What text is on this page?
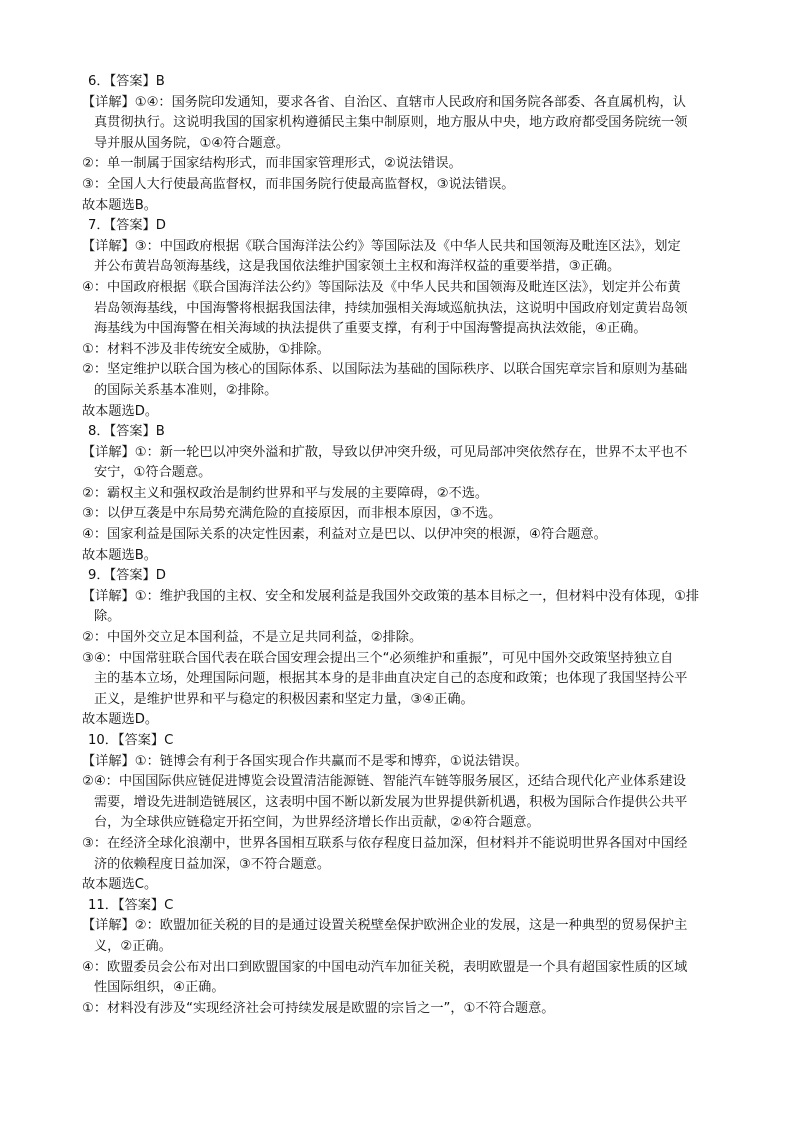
6．【答案】B
【详解】①④：国务院印发通知，要求各省、自治区、直辖市人民政府和国务院各部委、各直属机构，认
真贯彻执行。这说明我国的国家机构遵循民主集中制原则，地方服从中央，地方政府都受国务院统一领
导并服从国务院，①④符合题意。
②：单一制属于国家结构形式，而非国家管理形式，②说法错误。
③：全国人大行使最高监督权，而非国务院行使最高监督权，③说法错误。
故本题选B。
7．【答案】D
【详解】③：中国政府根据《联合国海洋法公约》等国际法及《中华人民共和国领海及毗连区法》，划定
并公布黄岩岛领海基线，这是我国依法维护国家领土主权和海洋权益的重要举措，③正确。
④：中国政府根据《联合国海洋法公约》等国际法及《中华人民共和国领海及毗连区法》，划定并公布黄
岩岛领海基线，中国海警将根据我国法律，持续加强相关海域巡航执法，这说明中国政府划定黄岩岛领
海基线为中国海警在相关海域的执法提供了重要支撑，有利于中国海警提高执法效能，④正确。
①：材料不涉及非传统安全威胁，①排除。
②：坚定维护以联合国为核心的国际体系、以国际法为基础的国际秩序、以联合国宪章宗旨和原则为基础
的国际关系基本准则，②排除。
故本题选D。
8．【答案】B
【详解】①：新一轮巴以冲突外溢和扩散，导致以伊冲突升级，可见局部冲突依然存在，世界不太平也不
安宁，①符合题意。
②：霸权主义和强权政治是制约世界和平与发展的主要障碍，②不选。
③：以伊互袭是中东局势充满危险的直接原因，而非根本原因，③不选。
④：国家利益是国际关系的决定性因素，利益对立是巴以、以伊冲突的根源，④符合题意。
故本题选B。
9．【答案】D
【详解】①：维护我国的主权、安全和发展利益是我国外交政策的基本目标之一，但材料中没有体现，①排
除。
②：中国外交立足本国利益，不是立足共同利益，②排除。
③④：中国常驻联合国代表在联合国安理会提出三个“必须维护和重振”，可见中国外交政策坚持独立自
主的基本立场，处理国际问题，根据其本身的是非曲直决定自己的态度和政策；也体现了我国坚持公平
正义，是维护世界和平与稳定的积极因素和坚定力量，③④正确。
故本题选D。
10．【答案】C
【详解】①：链博会有利于各国实现合作共赢而不是零和博弈，①说法错误。
②④：中国国际供应链促进博览会设置清洁能源链、智能汽车链等服务展区，还结合现代化产业体系建设
需要，增设先进制造链展区，这表明中国不断以新发展为世界提供新机遇，积极为国际合作提供公共平
台，为全球供应链稳定开拓空间，为世界经济增长作出贡献，②④符合题意。
③：在经济全球化浪潮中，世界各国相互联系与依存程度日益加深，但材料并不能说明世界各国对中国经
济的依赖程度日益加深，③不符合题意。
故本题选C。
11．【答案】C
【详解】②：欧盟加征关税的目的是通过设置关税壁垒保护欧洲企业的发展，这是一种典型的贸易保护主
义，②正确。
④：欧盟委员会公布对出口到欧盟国家的中国电动汽车加征关税，表明欧盟是一个具有超国家性质的区域
性国际组织，④正确。
①：材料没有涉及“实现经济社会可持续发展是欧盟的宗旨之一”，①不符合题意。
